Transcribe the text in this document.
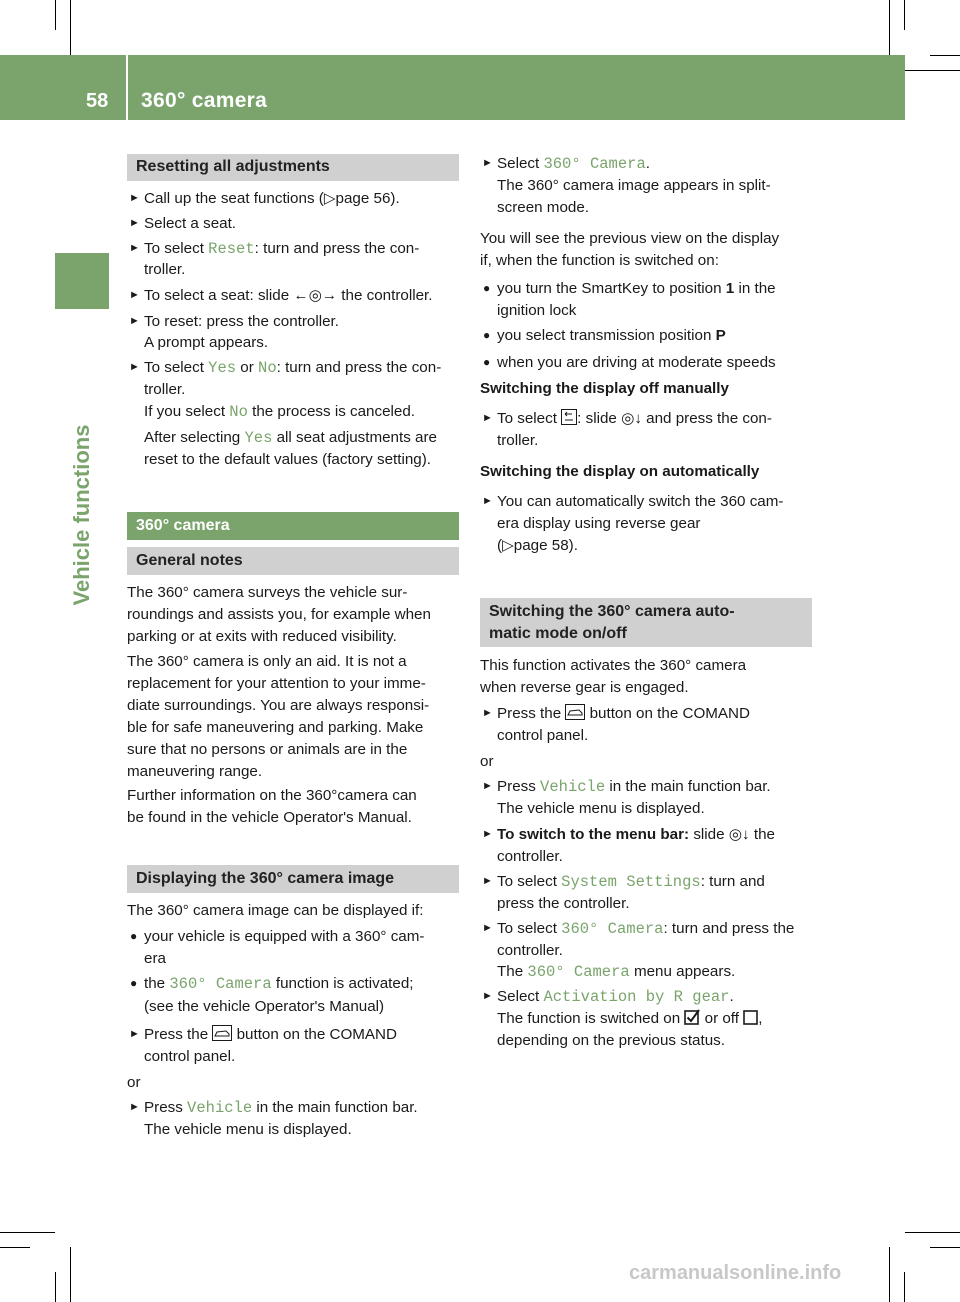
58 360° camera
Vehicle functions
Resetting all adjustments
► Call up the seat functions (▷page 56).
► Select a seat.
► To select Reset: turn and press the con-
troller.
► To select a seat: slide ←◎→ the controller.
► To reset: press the controller.
A prompt appears.
► To select Yes or No: turn and press the con-
troller.
If you select No the process is canceled.
After selecting Yes all seat adjustments are
reset to the default values (factory setting).
360° camera
General notes
The 360° camera surveys the vehicle sur-
roundings and assists you, for example when
parking or at exits with reduced visibility.
The 360° camera is only an aid. It is not a
replacement for your attention to your imme-
diate surroundings. You are always responsi-
ble for safe maneuvering and parking. Make
sure that no persons or animals are in the
maneuvering range.
Further information on the 360°camera can
be found in the vehicle Operator's Manual.
Displaying the 360° camera image
The 360° camera image can be displayed if:
● your vehicle is equipped with a 360° cam-
era
● the 360° Camera function is activated;
(see the vehicle Operator's Manual)
► Press the  button on the COMAND
control panel.
or
► Press Vehicle in the main function bar.
The vehicle menu is displayed.
► Select 360° Camera.
The 360° camera image appears in split-
screen mode.
You will see the previous view on the display
if, when the function is switched on:
● you turn the SmartKey to position 1 in the
ignition lock
● you select transmission position P
● when you are driving at moderate speeds
Switching the display off manually
► To select : slide ◎↓ and press the con-
troller.
Switching the display on automatically
► You can automatically switch the 360 cam-
era display using reverse gear
(▷page 58).
Switching the 360° camera auto-
matic mode on/off
This function activates the 360° camera
when reverse gear is engaged.
► Press the  button on the COMAND
control panel.
or
► Press Vehicle in the main function bar.
The vehicle menu is displayed.
► To switch to the menu bar: slide ◎↓ the
controller.
► To select System Settings: turn and
press the controller.
► To select 360° Camera: turn and press the
controller.
The 360° Camera menu appears.
► Select Activation by R gear.
The function is switched on  or off ,
depending on the previous status.
carmanualsonline.info
